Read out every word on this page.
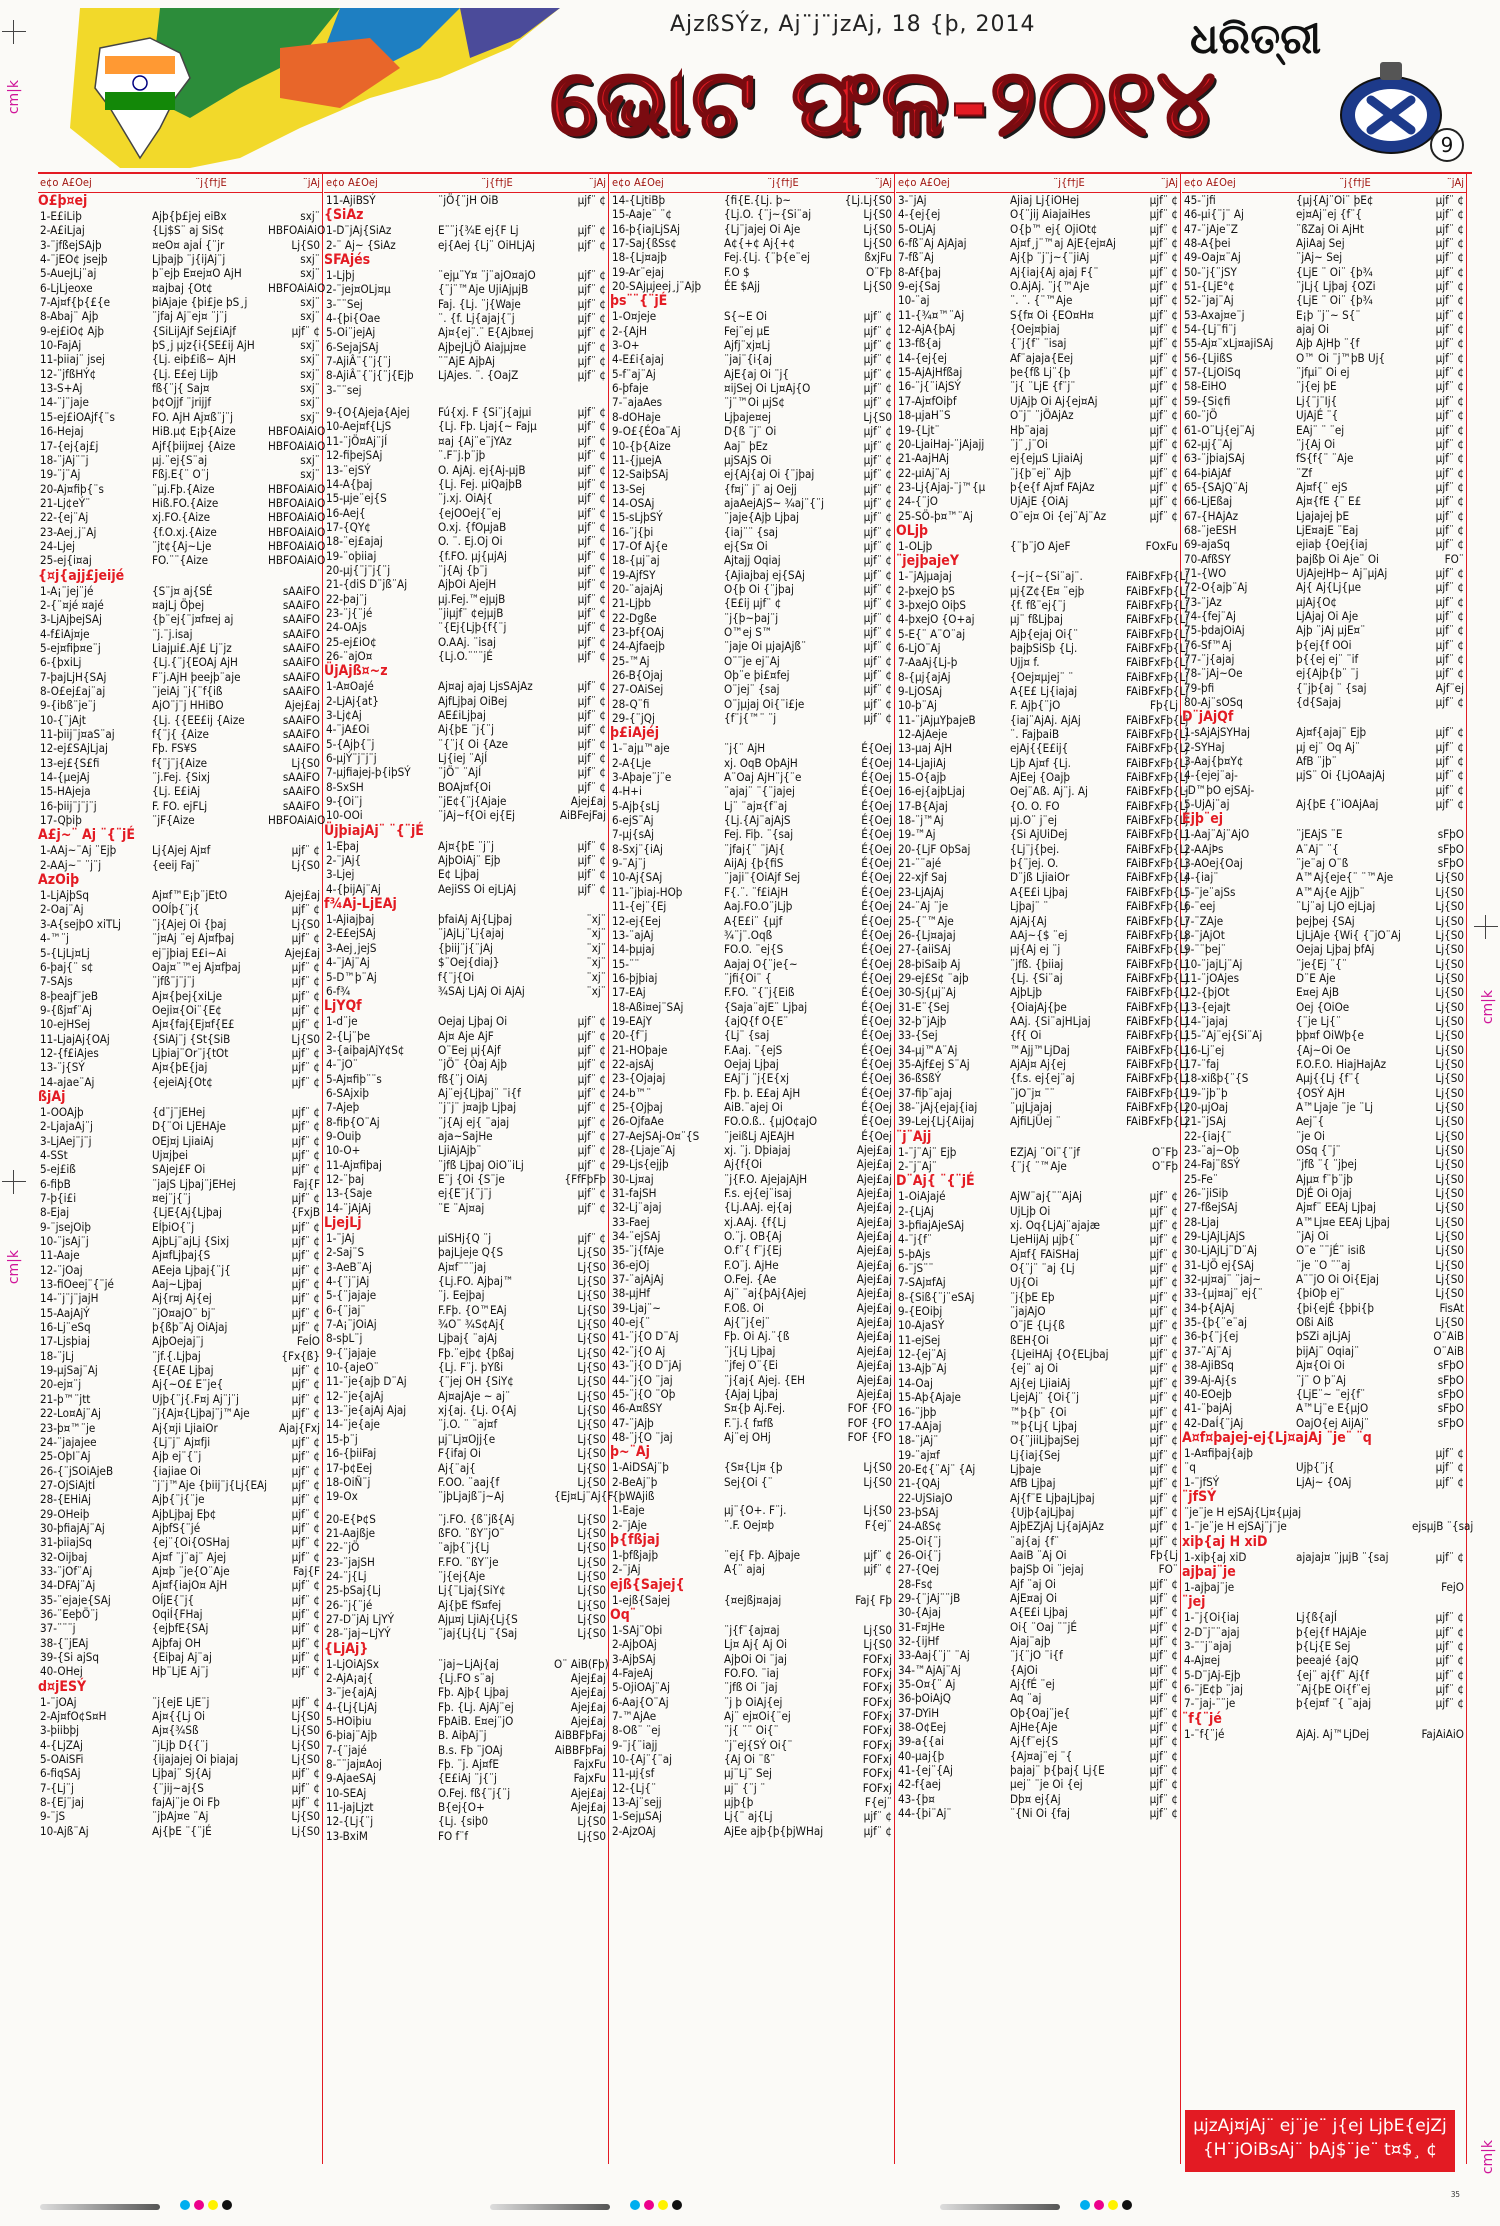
cm|k
cm|k
cm|k
cm|k
AjzßSÝz, Aj¨j¨jzAj, 18 {þ, 2014	ଧରିତ୍ରୀ
ଭୋଟ ଫଳ-୨୦୧୪	9
e¢o A£Oej	¨j{f†jE	¨jAj
O£þ¤ej
1-E£iLiþ	Ajþ{þ£jej eiBx	sxj¨
2-A£iLjaj	{Lj$S¨ aj SiS¢	HBFOAiAiO
3-¨jfßejSAjþ	¤eO¤ ajaÍ {¨jr	Lj{S0
4-¨jEO¢ jsejþ	Ljþajþ ¨j{ijAj¨j	sxj¨
5-AuejLj¨aj	þ¨ejþ E¤ej¤O AjH	sxj¨
6-LjLjeoxe	¤ajbaj {Ot¢	HBFOAiAiO
7-Aj¤f{þ{£{e	þiAjaje {þi£je þS¸j	sxj¨
8-Abaj¨ Ajþ	¨jfaj Aj¨ej¤ ¨j¨j	sxj¨
9-ej£iO¢ Ajþ	{SiLijAjf Sej£iAjf	µjf¨ ¢
10-FajAj	þS¸j µjz{i{SE£ij AjH	sxj¨
11-þiiaj¨ jsej	{Lj. eiþ£iß~ AjH	sxj¨
12-¨jfßHÝ¢	{Lj. E£ej Lijþ	sxj¨
13-S+Aj	fß{¨j{ Saj¤	sxj¨
14-¨j¨jaje	þ¢Ojjf ¨jrijjf	sxj¨
15-ej£iOAjf{¨s	FO. AjH Aj¤ß¨j¨j	sxj¨
16-Hejaj	HiB.µ¢ E¡þ{Aize	HBFOAiAiO
17-{ej{aj£j	Ajf{þiij¤ej {Aize	HBFOAiAiO
18-¨jAj¨¨j	µj.¨ej{S¨aj	sxj¨
19-¨j¨Aj	Fßj.E{¨ O¨j	sxj¨
20-Aj¤fiþ{¨s	¨µj.Fþ.{Aize	HBFOAiAiO
21-Lj¢eÝ¨	Hiß.FO.{Aize	HBFOAiAiO
22-{ej¨Aj	xj.FO.{Aize	HBFOAiAiO
23-Aej¸j¨Aj	{f.O.xj.{Aize	HBFOAiAiO
24-Ljej	¨jt¢{Aj~Lje	HBFOAiAiO
25-ej{i¤aj	FO.¨¨{Aize	HBFOAiAiO
{¤j{ajj£jeijé
1-A¡¨jej¨jé	{S¨j¤ aj{SÉ	sAAiFO
2-{¨¤jé ¤ajé	¤ajLj Öþej	sAAiFO
3-LjAjþejSAj	{þ¨ej{¨j¤f¤ej aj	sAAiFO
4-f£iAj¤je	¨j.¨j.isaj	sAAiFO
5-ej¤fiþ¤e¨j	Liajµi£.Aj£ Lj¨jz	sAAiFO
6-{þxiLj	{Lj.{¨j{EOAj AjH	sAAiFO
7-þajLjH{SAj	F¨j.AjH þeejþ¨aje	sAAiFO
8-O£ej£aj¨aj	¨jeiAj ¨j{¨f{iß	sAAiFO
9-{ibß¨je¨j	AjO¨j¨j HHiBO	Ajej£aj
10-{¨jAjt	{Lj. {{EE£ij {Aize	sAAiFO
11-þiij¨j¤aS¨aj	f{¨j{ {Aize	sAAiFO
12-ej£SAjLjaj	Fþ. FS¥S	sAAiFO
13-ej£{S£fi	f{¨j¨j{Aize	Lj{S0
14-{µejAj	¨j.Fej. {Sixj	sAAiFO
15-HAjeja	{Lj. E£iAj	sAAiFO
16-þiij¨j¨j¨j	F. FO. ejFLj	sAAiFO
17-Qþiþ	¨jF{Aize	HBFOAiAiO
A£j~¨ Aj ¨{¨jÉ
1-AAj~¨Aj ¨Ejþ	Lj{Ajej Aj¤f	µjf¨ ¢
2-AAj~¨ ¨j¨j	{eeij Faj¨	Lj{S0
AzOiþ
1-LjAjþSq	Aj¤f™E¡þ¨jEtO	Ajej£aj
2-Oaj¨Aj	OOÍþ{¨j{	µjf¨ ¢
3-A{sejþO xiTLj	¨j{Ajej Oi {þaj	Lj{S0
4-™¨j	¨j¤Aj ¨ej Aj¤fþaj	µjf¨ ¢
5-{LjLj¤Lj	ej¨jþiaj E£i~Ai	Ajej£aj
6-þaj{¨ s¢	Oaj¤¨™ej Aj¤fþaj	µjf¨ ¢
7-SAjs	¨jfß¨j¨j¨j	µjf¨ ¢
8-þeajf¨jeB	Aj¤{þej{xiLje	µjf¨ ¢
9-{ßj¤f¨Aj	Oeji¤{Oi¨{E¢	µjf¨ ¢
10-ejHSej	Aj¤{faj{Ej¤f{E£	µjf¨ ¢
11-LjajAj{OAj	{SiAj¨j {St{SiB	Lj{S0
12-{f£iAjes	Ljþiaj¨Or¨j{tOt	µjf¨ ¢
13-¨j{SÝ	Aj¤{þE{jaj	µjf¨ ¢
14-ajae¨Aj	{ejeiAj{Ot¢	µjf¨ ¢
ßjAj
1-OOAjþ	{d¨j¨jEHej	µjf¨ ¢
2-LjajaAj¨j	D{¨Oi LjEHAje	µjf¨ ¢
3-LjAej¨j¨j	OEj¤j LjiaiAj	µjf¨ ¢
4-SSt	Uj¤jþei	µjf¨ ¢
5-ej£iß	SAjej£F Oi	µjf¨ ¢
6-fiþB	¨jajS Ljþaj¨jEHej	Faj{F
7-þ{i£i	¤ej¨j{¨j	µjf¨ ¢
8-Ejaj	{LjE{Aj{Ljþaj	{FxjB
9-¨jsejOiþ	EÍþiO{¨j	µjf¨ ¢
10-¨jsAj¨j	AjþLj¨ajLj {Sixj	µjf¨ ¢
11-Aaje	Aj¤fLjþaj{S	µjf¨ ¢
12-¨jOaj	AEeja Ljþaj{¨j{	µjf¨ ¢
13-fiOeej¨{¨jé	Aaj~Ljþaj	µjf¨ ¢
14-¨j¨j¨jajH	Aj{r¤j Aj{ej	µjf¨ ¢
15-AajAjÝ	¨jO¤ajO¨ bj¨	µjf¨ ¢
16-Lj¨eSq	þ{ßþ¨Aj OiAjaj	µjf¨ ¢
17-Ljsþiaj	AjþOejaj¨j	FeÍO
18-¨jLj	¨jf.{.Ljþaj	{Fx{ß}
19-µjSaj¨Aj	{E{AE Ljþaj	µjf¨ ¢
20-ej¤¨j	Aj{~O£ E¨je{	µjf¨ ¢
21-þ™¨jtt	Ujþ{¨j{.F¤j Aj¨j¨j	µjf¨ ¢
22-Lo¤Aj¨Aj	¨j{Aj¤{Ljþaj¨j™Aje	µjf¨ ¢
23-þ¤™¨je	Aj{¤ji LjiaiOr	Ajaj{Fxj
24-¨jajajee	{Lj¨j¨ Aj¤fji	µjf¨ ¢
25-OþI¨Aj	Ajþ ej¨{¨j	µjf¨ ¢
26-{¨jSOiAjeB	{iajiae Oi	µjf¨ ¢
27-OjSiAjtÍ	¨j¨j™Aje {þiij¨j{Lj{EAj	µjf¨ ¢
28-{EHiAj	Ajþ{¨j{¨je	µjf¨ ¢
29-OHeiþ	AjþLjþaj Eþ¢	µjf¨ ¢
30-þfiajAj¨Aj	AjþfS{¨jé	µjf¨ ¢
31-þiiajSq	{ej¨{Oi{OSHaj	µjf¨ ¢
32-Oijbaj	Aj¤f ¨j¨aj¨ Ajej	µjf¨ ¢
33-¨jOf¨Aj	Aj¤þ ¨je{O¨Aje	Faj{F
34-DFAj¨Aj	Aj¤f{iajO¤ AjH	µjf¨ ¢
35-¨ejaje{SAj	OÍjE{¨j{	µjf¨ ¢
36-¨EeþÖ¨j	OqiÍ{FHaj	µjf¨ ¢
37-¨¨¨j	{ejþfE{SAj	µjf¨ ¢
38-{¨jEAj	Ajþfaj OH	µjf¨ ¢
39-{Si ajSq	{Eiþaj Aj¨aj	µjf¨ ¢
40-OHej	Hþ¨LjE Aj¨j	µjf¨ ¢
d¤jESÝ
1-¨jOAj	¨j{ejE LjE¨j	µjf¨ ¢
2-Aj¤fO¢S¤H	Aj¤{{Lj Oi	Lj{S0
3-þiibþj	Aj¤{¾Sß	Lj{S0
4-{LjZAj	¨jLjþ D{{¨j	Lj{S0
5-OAiSFi	{ijajajej Oi þiajaj	Lj{S0
6-fiqSAj	Ljþaj¨ Sj{Aj	µjf¨ ¢
7-{Lj¨j	{¨jij~aj{S	µjf¨ ¢
8-{Ej¨jaj	fajAj¨je Oi Fþ	µjf¨ ¢
9-¨jS	¨jþAj¤e ¨Aj	Lj{S0
10-Ajß¨Aj	Aj{þE ¨{¨jÉ	Lj{S0
e¢o A£Oej	¨j{f†jE	¨jAj
11-AjiBSÝ	¨jÖ{¨jH OiB	µjf¨ ¢
{SiAz
1-D¨jAj{SiAz	E¨¨j{¾E ej{F Lj	µjf¨ ¢
2-¨ Aj~ {SiAz	ej{Aej {Lj¨ OiHLjAj	µjf¨ ¢
SFAjés
1-Ljþj	¨ejµ¨Y¤ ¨j¨ajO¤ajO	µjf¨ ¢
2-¨jej¤OLj¤µ	{¨j¨™Aje UjiAjµjB	µjf¨ ¢
3-¨¨Sej	Faj. {Lj. ¨j{Waje	µjf¨ ¢
4-{þi{Oae	¨. {f. Lj{ajaj{¨j	µjf¨ ¢
5-Oi¨jejAj	Aj¤{ej¨.¨ E{Ajb¤ej	µjf¨ ¢
6-SejajSAj	AjþejLjÖ Aiajµj¤e	µjf¨ ¢
7-AjiÂ¨{¨j{¨j	¨¨AjE AjþAj	µjf¨ ¢
8-AjiÂ¨{¨j{¨j{Ejþ	LjAjes. ¨. {OajZ	µjf¨ ¢
3-¨¨sej
9-{O{Ajeja{Ajej	Fú{xj. F {Si¨j{ajµi	µjf¨ ¢
10-Aej¤f{LjS	{Lj. Fþ. Ljaj{~ Fajµ	µjf¨ ¢
11-¨jÖ¤Aj¨jÍ	¤aj {Aj¨e¨jYAz	µjf¨ ¢
12-fiþejSAj	¨.F¨j.þ¨jþ	µjf¨ ¢
13-¨ejSÝ	O. AjAj. ej{Aj-µjB	µjf¨ ¢
14-A{þaj	{Lj. Fej. µiQajþB	µjf¨ ¢
15-µje¨ej{S	¨j.xj. OiAj{	µjf¨ ¢
16-Aej{	{ejOOej{¨ej	µjf¨ ¢
17-{QY¢	O.xj. {fOµjaB	µjf¨ ¢
18-¨ej£ajaj	O. ¨. Ej.Oj Oi	µjf¨ ¢
19-¨oþiiaj	{f.FO. µj{µjAj	µjf¨ ¢
20-µj{¨j¨j{¨j	¨j{Aj {þ¨j	µjf¨ ¢
21-{diS D¨jß¨Aj	AjþOi AjejH	µjf¨ ¢
22-þaj¨j	µj.Fej.™ejµjB	µjf¨ ¢
23-¨j{¨jé	¨jiµjf¨ ¢ejµjB	µjf¨ ¢
24-OAjs	¨{Ej{Ljþ{f{¨j	µjf¨ ¢
25-ej£iO¢	O.AAj. ¨isaj	µjf¨ ¢
26-¨ajO¤	{Lj.O.¨¨¨jÉ	µjf¨ ¢
ÜjAjß¤~z
1-A¤Oajé	Aj¤aj ajaj LjsSAjAz	µjf¨ ¢
2-LjAj{at}	AjfLjþaj OiBej	µjf¨ ¢
3-Lj¢Aj	AE£iLjþaj	µjf¨ ¢
4-¨jA£Oi	Aj{þE ¨j{¨j	µjf¨ ¢
5-{Ajþ{¨j	¨{¨j{ Oi {Aze	µjf¨ ¢
6-µjÝ¨j¨j¨j	Lj{iej ¨AjÍ	µjf¨ ¢
7-µjfiajej-þ{iþSÝ	¨jÖ¨ ¨AjÍ	µjf¨ ¢
8-SxSH	BOAj¤f{Oi	µjf¨ ¢
9-{Oi¨j	¨jE¢{¨j{Ajaje	Ajej£aj
10-OOi	¨jAj~f{Oi ej{Ej	AiBFejFaj
ÜjþiajAj¨ ¨{¨jÉ
1-Eþaj	Aj¤{þE ¨j¨j	µjf¨ ¢
2-¨jAj{	AjþOiAj¨ Ejþ	µjf¨ ¢
3-Ljej	E¢ Ljþaj	µjf¨ ¢
4-{þijAj¨Aj	AejiSS Oi ejLjAj	µjf¨ ¢
f¾Aj-LjEAj
1-Ajiajþaj	þfaiAj Aj{Ljþaj	¨xj¨
2-E£ejSAj	¨jAjLj¨Lj{ajaj	¨xj¨
3-Aej¸jejS	{þiij¨j{¨jAj	¨xj¨
4-¨jAj¨Aj	$¨Oej{diaj}	¨xj¨
5-D™þ¨Aj	f{¨j{Oi	¨xj¨
6-f¾	¾SAj LjAj Oi AjAj	¨xj¨
LjYQf
1-d¨je	Oejaj Ljþaj Oi	µjf¨ ¢
2-{Lj¨þe	Aj¤ Aje AjF	µjf¨ ¢
3-{aiþajAjY¢S¢	O¨Eej µj{Ajf	µjf¨ ¢
4-¨jO¨	¨jÖ¨ {Òaj Ajþ	µjf¨ ¢
5-Aj¤fiþ¨¨s	fß{¨j OiAj	µjf¨ ¢
6-SAjxiþ	Aj¨ej{Ljþaj¨ ¨i{f	µjf¨ ¢
7-Ajeþ	¨j¨j¨ j¤ajþ Ljþaj	µjf¨ ¢
8-fiþ{O¨Aj	¨j{Aj ej{ ¨ajaj	µjf¨ ¢
9-Ouiþ	aja~SajHe	µjf¨ ¢
10-O+	LjiAjAjþ¨	µjf¨ ¢
11-Aj¤fiþaj	¨jfß Ljþaj OiO¨iLj	µjf¨ ¢
12-¨þaj	E¨j {Oi {S¨je	{FfFþFþ
13-{Saje	ej{E¨j{¨j¨j	µjf¨ ¢
14-¨jAjAj	¨E ¨Aj¤aj	µjf¨ ¢
LjejLj
1-¨jAj	µiSHj{Q ¨j	µjf¨ ¢
2-Saj¨S	þajLjeje Q{S	Lj{S0
3-AeB¨Aj	Aj¤f¨¨¨jaj	Lj{S0
4-{¨j¨jAj	{Lj.FO. Ajþaj™	Lj{S0
5-{¨jajaje	¨j. Eejþaj	Lj{S0
6-{¨jaj¨	F.Fþ. {O™EAj	Lj{S0
7-A¡¨jOiAj	¾O¨ ¾S¢Aj{	Lj{S0
8-sþL¨j	Ljþaj{ ¨ajAj	Lj{S0
9-{¨jajaje	Fþ.¨ejþ¢ {þßaj	Lj{S0
10-{ajeO¨	{Lj. F¨j. þYßi	Lj{S0
11-¨je{ajþ D¨Aj	{¨jej OH {SiY¢	Lj{S0
12-¨je{ajAj	Aj¤ajAje ~ aj¨	Lj{S0
13-¨je{ajAj Ajaj	xj{aj. {Lj. O{Aj	Lj{S0
14-¨je{aje	¨j.O. ¨ ¨aj¤f	Lj{S0
15-þ¨j	µj¨Lj¤Ojj{e	Lj{S0
16-{þiiFaj	F{ifaj Oi	Lj{S0
17-þ¢Eej	Aj{¨aj{	Lj{S0
18-OiÑ¨j	F.OO. ¨aaj{f	Lj{S0
19-Ox	¨jþLjajß¨j~Aj	{Ej¤Lj¨Aj{F
20-E{Þ¢S	¨j.FO. {ß¨jß{Aj	Lj{S0
21-Aajßje	ßFO. ¨ßY¨jO¨	Lj{S0
22-¨jÖ	¨ajþ{¨j{Lj	Lj{S0
23-¨jajSH	F.FO. ¨ßY¨je	Lj{S0
24-¨j{Lj	¨j{ej{Aje	Lj{S0
25-þSaj{Lj	Lj{¨Ljaj{SiY¢	Lj{S0
26-¨j{¨jé	Aj{þE fS¤fej	Lj{S0
27-D¨jAj LjYÝ	Ajµ¤j LjiAj{Lj{S	Lj{S0
28-¨jaj~LjYÝ	¨jaj{Lj{Lj ¨{Saj	Lj{S0
{LjAj}
1-LjOiAjSx	¨jaj~LjAj{aj	O¨ AiB(Fþ)
2-AjA¡aj{	{Lj.FO s¨aj	Ajej£aj
3-¨je{ajAj	Fþ. Ajþ{ Ljþaj	Ajej£aj
4-{Lj{LjAj	Fþ. {Lj. AjAj¨ej	Ajej£aj
5-HOiþiu	FþAiB. E¤ej¨jO	Ajej£aj
6-þiaj¨Ajþ	B. AiþAj¨j	AiBBFþFaj
7-{¨jajé	B.s. Fþ ¨jOAj	AiBBFþFaj
8-¨¨jaj¤Aoj	Fþ. ¨j. Aj¤fE	FajxFu
9-AjaeSAj	{E£iAj ¨j{¨j	FajxFu
10-SEAj	O.Fej. fß{¨j{¨j	Ajej£aj
11-jajLjzt	B{ej{O+	Ajej£aj
12-{Lj{¨j	{Lj. {siþ0	Lj{S0
13-BxiM	FO f¨f	Lj{S0
e¢o A£Oej	¨j{f†jE	¨jAj
14-{LjtiBþ	{fi{E.{Lj. þ~	{Lj.Lj{S0
15-Aaje¨ ¨¢	{Lj.O. {¨j~{Si¨aj	Lj{S0
16-þ{iajLjSAj	{Lj¨jajej Oi Aje	Lj{S0
17-Saj{ßSs¢	A¢{+¢ Aj{+¢	Lj{S0
18-{Lj¤ajþ	Fej.{Lj. {¨þ{e¨ej	ßxjFu
19-Ar¨ejaj	F.O $	O¨Fþ
20-SAjµjeej¸j¨Ajþ	ÉE $Ajj	Lj{S0
þs¨¨{¨jÉ
1-O¤jeje	S{~E Oi	µjf¨ ¢
2-{AjH	Fej¨ej µE	µjf¨ ¢
3-O+	Ajfj¨xj¤Lj	µjf¨ ¢
4-E£i{ajaj	¨jaj¨{i{aj	µjf¨ ¢
5-f¨aj¨Aj	AjE{aj Oi ¨j{	µjf¨ ¢
6-þfaje	¤ijSej Oi Lj¤Aj{O	µjf¨ ¢
7-¨ajaAes	¨j¨™Oi µjS¢	µjf¨ ¢
8-dOHaje	Ljþaje¤ej	Lj{S0
9-O£{ÉOa¨Aj	D{ß ¨j¨ Oi	µjf¨ ¢
10-{þ{Aize	Aaj¨ þEz	µjf¨ ¢
11-{jµejA	µjSAjS Oi	µjf¨ ¢
12-SaiþSAj	ej{Aj{aj Oi {¨jþaj	µjf¨ ¢
13-Sej	{f¤j¨ j¨ aj Oejj	µjf¨ ¢
14-OSAj	ajaAejAjS~ ¾aj¨{¨j	µjf¨ ¢
15-sLjþSÝ	¨jaje{Ajþ Ljþaj	µjf¨ ¢
16-¨j{þi	{iaj¨¨ {saj	µjf¨ ¢
17-Of Aj{e	ej{S¤ Oi	µjf¨ ¢
18-{µj¨aj	Ajtajj Oqiaj	µjf¨ ¢
19-AjfSY	{Ajiajbaj ej{SAj	µjf¨ ¢
20-¨ajajAj	O{þ Oi {¨jþaj	µjf¨ ¢
21-Ljþb	{E£ij µjf¨ ¢	µjf¨ ¢
22-Dgße	¨j{þ~þaj¨j	µjf¨ ¢
23-þf{OAj	O™ej S™	µjf¨ ¢
24-Ajfaejþ	¨jaje Oi µjajAjß¨	µjf¨ ¢
25-™Aj	O¨¨je ej¨Aj	µjf¨ ¢
26-B{Ojaj	Oþ¨e þi£¤fej	µjf¨ ¢
27-OAiSej	O¨jej¨ {saj	µjf¨ ¢
28-Q¨fi	O¨jµjaj Oi{¨i£je	µjf¨ ¢
29-{¨jQj	{f¨j{™¨ ¨j	µjf¨ ¢
þ£iAjéj
1-¨ajµ™aje	¨j{¨ AjH	É{Oej
2-A{Lje	xj. OqB OþAjH	É{Oej
3-Aþaje¨j¨e	A¨Oaj AjH¨j{¨e	É{Oej
4-H+i	¨ajaj¨ ¨{¨jajej	É{Oej
5-Ajþ{sLj	Lj¨ ¨aj¤{f¨aj	É{Oej
6-ejS¨Aj	{Lj.{Aj¨ajAjS	É{Oej
7-µj{sAj	Fej. Fiþ. ¨{saj	É{Oej
8-Sxj¨{iAj	¨jfaj{¨ ¨jAj{	É{Oej
9-¨Aj¨j	AijAj {þ{fiS	É{Oej
10-Aj{SAj	¨jaji¨{OiAjf Sej	É{Oej
11-¨jþiaj-HOþ	F{.¨. ¨f£iAjH	É{Oej
11-{ej¨{Ej	Aaj.FO.O¨jLjþ	É{Oej
12-ej{Eej	A{E£i¨ {µjf	É{Oej
13-¨ajAj	¾¨j¨.Oqß	É{Oej
14-þµjaj	FO.O. ¨ej{S	É{Oej
15-¨¨	Aajaj O{¨je{~	É{Oej
16-þjþiaj	¨jfi{Oi¨ {	É{Oej
17-EAj	F.FO. ¨{¨j{Eiß	É{Oej
18-Aßi¤ej¨SAj	{Saja¨ajE¨ Ljþaj	É{Oej
19-EAjY	{ajQ{f O{E¨	É{Oej
20-{f¨j	{Lj¨ {saj	É{Oej
21-HOþaje	F.Aaj. ¨{ejS	É{Oej
22-ajsAj	Oejaj Ljþaj	É{Oej
23-{Ojajaj	EAj¨j ¨j{E{xj	É{Oej
24-b™¨	Fþ. þ. E£aj AjH	É{Oej
25-{Ojþaj	AiB.¨ajej Oi	É{Oej
26-OjfaAe	FO.O.ß.. {µjO¢ajO	É{Oej
27-AejSAj-O¤¨{S	¨jeißLj AjEAjH	É{Oej
28-{Ljaje¨Aj	xj. ¨j. Dþiajaj	Ajej£aj
29-Ljs{ejjþ	Aj{f{Oi	Ajej£aj
30-Lj¤aj	¨j{F.O. AjejajAjH	Ajej£aj
31-fajSH	F.s. ej{ej¨isaj	Ajej£aj
32-Lj¨ajaj	{Lj.AAj. ej{aj	Ajej£aj
33-Faej	xj.AAj. {f{Lj	Ajej£aj
34-¨ejSAj	O.¨j. OB{Aj	Ajej£aj
35-¨j{fAje	O.f¨{ f¨j{Ej	Ajej£aj
36-ejOj	F.O¨j. AjHe	Ajej£aj
37-¨ajAjAj	O.Fej. {Ae	Ajej£aj
38-µjHf	Aj¨ ¨aj{þAj{Ajej	Ajej£aj
39-Ljaj¨~	F.Oß. Oi	Ajej£aj
40-ej{¨	Aj{¨j{ej¨	Ajej£aj
41-¨j{O D¨Aj	Fþ. Oi Aj.¨{ß	Ajej£aj
42-¨j{O Aj	¨j{Lj Ljþaj	Ajej£aj
43-¨j{O D¨jAj	¨jfej O¨{Ei	Ajej£aj
44-¨j{O ¨jaj	¨j{aj{ Ajej. {EH	Ajej£aj
45-¨j{O ¨Oþ	{Ajaj Ljþaj	Ajej£aj
46-A¤ßSY	S¤{þ Aj.Fej.	FOF {FO
47-¨jAjþ	F.¨j.{ f¤fß	FOF {FO
48-¨j{O ¨jaj	Aj¨ej OHj	FOF {FO
þ~¨Aj
1-AiDSAj¨þ	{S¤{Lj¤ {þ	Lj{S0
2-BeAj¨þ	Sej{Oi {¨	Lj{S0
{þWAjiß
1-Eaje	µj¨{O+. F¨j.	Lj{S0
2-¨jAje	¨.F. Oej¤þ	F{ej¨
þ{fßjaj
1-þfßjajþ	¨ej{ Fþ. Ajþaje	µjf¨ ¢
2-¨jAj	A{¨ ajaj	µjf¨ ¢
ejß{Sajej{
1-ejß{Sajej	{¤ejßj¤ajaj	Faj{ Fþ
Oq¨
1-SAj¨Oþi	¨j{f¨{aj¤aj	Lj{S0
2-AjþOAj	Lj¤ Aj{ Aj Oi	Lj{S0
3-AjþSAj	AjþOi Oi ¨jaj	FOFxj
4-FajeAj	FO.FO. ¨iaj	FOFxj
5-OjiOAj¨Aj	¨jfß Oi ¨jaj	FOFxj
6-Aaj{O¨Aj	¨j þ OiAj{ej	FOFxj
7-™AjAe	Aj¨ ej¤Oi{¨ej	FOFxj
8-Oß¨ ¨ej	¨j{ ¨¨ Oi{¨	FOFxj
9-¨j{¨iajj	¨j¨ej{SÝ Oi{¨	FOFxj
10-{Aj¨{¨aj	{Aj Oi ¨ß¨	FOFxj
11-µj{sf	µj¨Lj¨ Sej	FOFxj
12-{Lj{¨	µj¨ {¨j ¨	FOFxj
13-Aj¨sejj	µjþ{þ	F{ej¨
1-SejµSAj	Lj{¨ aj{Lj	µjf¨ ¢
2-AjzOAj	AjEe ajþ{þ{þjWHaj	µjf¨ ¢
e¢o A£Oej	¨j{f†jE	¨jAj
3-¨jAj	Ajiaj Lj{iOHej	µjf¨ ¢
4-{ej{ej	O{¨jij AiajaiHes	µjf¨ ¢
5-OLjAj	O{þ™ ej{ OjiOt¢	µjf¨ ¢
6-fß¨Aj AjAjaj	Aj¤f¸j¨™aj AjE{ej¤Aj	µjf¨ ¢
7-fß¨Aj	Aj{þ ¨j¨j~{¨jiAj	µjf¨ ¢
8-Af{þaj	Aj{iaj{Aj ajaj F{¨	µjf¨ ¢
9-ej{Saj	O.AjAj. ¨j{™Aje	µjf¨ ¢
10-¨aj	¨. ¨. {¨™Aje	µjf¨ ¢
11-{¾¤™¨Aj	S{f¤ Oi {EO¤H¤	µjf¨ ¢
12-AjA{þAj	{Oej¤þiaj	µjf¨ ¢
13-fß{aj	{¨j{f¨ ¨isaj	µjf¨ ¢
14-{ej{ej	Af¨ajaja{Eej	µjf¨ ¢
15-AjAjHfßaj	þe{fß Lj¨{þ	µjf¨ ¢
16-¨j{¨iAjSÝ	¨j{ ¨LjE {f¨j¨	µjf¨ ¢
17-Aj¤fOiþf	UjAjþ Oi Aj{ej¤Aj	µjf¨ ¢
18-µjaH¨S	O¨j¨ ¨jÖAjAz	µjf¨ ¢
19-{Ljt¨	Hþ¨ajaj	µjf¨ ¢
20-LjaiHaj-¨jAjajj	¨j¨¸j¨Oi	µjf¨ ¢
21-AajHAj	ej{ejµS LjiaiAj	µjf¨ ¢
22-µiAj¨Aj	¨j{þ¨ej¨ Ajþ	µjf¨ ¢
23-Lj{Ajaj-¨j™{µ	þ{e{f Aj¤f FAjAz	µjf¨ ¢
24-{¨jO	UjAjE {OiAj	µjf¨ ¢
25-SÖ-þ¤™¨Aj	O¨ej¤ Oi {ej¨Aj¨Az	µjf¨ ¢
OLjþ
1-OLjþ	{¨þ¨jO AjeF	FOxFu
¨jejþajeY
1-¨jAjµajaj	{~j{~{Si¨aj¨.	FAiBFxFþ{Lj
2-þxejO þS	µj{Z¢{E¤ ¨ejþ	FAiBFxFþ{Lj
3-þxejO OiþS	{f. fß¨ej{¨j	FAiBFxFþ{Lj
4-þxejO {O+aj	µj¨ fßLjþaj	FAiBFxFþ{Lj
5-E{¨ A¨O¨aj	Ajþ{ejaj Oi{¨	FAiBFxFþ{Lj
6-LjO¨Aj	þajþSiSþ {Lj.	FAiBFxFþ{Lj
7-AaAj{Lj-þ	Ujj¤ f.	FAiBFxFþ{Lj
8-{µj{ajAj	{Oej¤µjej¨ ¨	FAiBFxFþ{Lj
9-LjOSAj	A{E£ Lj{iajaj	FAiBFxFþ{Lj
10-þ¨Aj	F. Ajþ{¨jO	Fþ{Lj
11-¨jAjµYþajeB	{iaj¨AjAj. AjAj	FAiBFxFþ{Lj
12-AjAeje	¨. FajþaiB	FAiBFxFþ{Lj
13-µaj AjH	ejAj{{E£ij{	FAiBFxFþ{Lj
14-LjajiAj	Ljþ Aj¤f {Lj.	FAiBFxFþ{Lj
15-O{ajþ	AjEej {Oajþ	FAiBFxFþ{Lj
16-ej{ajþLjaj	Oej¨Aß. Aj¨j. Aj	FAiBFxFþ{Lj
17-B{Ajaj	{O. O. FO	FAiBFxFþ{Lj
18-¨j™Aj	µj.O¨ j¨ej	FAiBFxFþ{Lj
19-™Aj	{Si AjUiDej	FAiBFxFþ{Lj
20-{LjF OþSaj	{Lj¨j{þej.	FAiBFxFþ{Lj
21-¨¨ajé	þ{¨jej. O.	FAiBFxFþ{Lj
22-xjf Saj	D¨jß LjiaiOr	FAiBFxFþ{Lj
23-LjAjAj	A{E£i Ljþaj	FAiBFxFþ{Lj
24-¨Aj ¨je	Ljþaj¨ ¨	FAiBFxFþ{Lj
25-{¨™Aje	AjAj{Aj	FAiBFxFþ{Lj
26-{Lj¤ajaj	AAj~{$ ¨ej	FAiBFxFþ{Lj
27-{aiiSAj	µj{Aj ej ¨j	FAiBFxFþ{Lj
28-þiSaiþ Aj	¨jfß. {þiiaj	FAiBFxFþ{Lj
29-ej£S¢ ¨ajþ	{Lj. {Si¨aj	FAiBFxFþ{Lj
30-Sj{µj¨Aj	AjþLjþ	FAiBFxFþ{Lj
31-E¨{Sej	{OiajAj{þe	FAiBFxFþ{Lj
32-þ¨jAjþ	AAj. {Si¨ajHLjaj	FAiBFxFþ{Lj
33-{Sej	{f{ Oi	FAiBFxFþ{Lj
34-µj™A¨Aj	™Ajj™LjDaj	FAiBFxFþ{Lj
35-Ajf£ej S¨Aj	AjAj¤ Aj{ej	FAiBFxFþ{Lj
36-ßSßÝ	{f.s. ej{ej¨aj	FAiBFxFþ{Lj
37-fiþ¨ajaj	¨jO¨j¤ ¨¨	FAiBFxFþ{Lj
38-¨jAj{ejaj{iaj	¨µjLjajaj	FAiBFxFþ{Lj
39-Lej{Lj{Aijaj	AjfiLjÜej ¨	FAiBFxFþ{Lj
¨j¨Ajj
1-¨j¨Aj¨ Ejþ	EZjAj ¨Oi¨{¨jf	O¨Fþ
2-¨j¨Aj¨	{¨j{ ¨™Aje	O¨Fþ
D¨Aj{ ¨{¨jÉ
1-OiAjajé	AjW¨aj{¨¨AjAj	µjf¨ ¢
2-{LjAj	UjLjþ Oi	µjf¨ ¢
3-þfiajAjeSAj	xj. Oq{LjAj¨ajajæ	µjf¨ ¢
4-¨j{f¨	LjeHijAj µjþ{¨	µjf¨ ¢
5-þAjs	Aj¤f{ FAiSHaj	µjf¨ ¢
6-¨jS¨¨	O{¨j¨ ¨aj {Lj	µjf¨ ¢
7-SAj¤fAj	Uj{Oi	µjf¨ ¢
8-{Siß{¨j¨eSAj	¨j{þE Eþ	µjf¨ ¢
9-{EOiþj	¨jajAjO	µjf¨ ¢
10-AjaSÝ	O¨jE {Lj{ß	µjf¨ ¢
11-ejSej	ßEH{Oi	µjf¨ ¢
12-{ej¨Aj	{LjeiHAj {O{ELjbaj	µjf¨ ¢
13-Ajþ¨Aj	{ej¨ aj Oi	µjf¨ ¢
14-Oaj	Aj{ej LjiaiAj	µjf¨ ¢
15-Aþ{Ajaje	LjejAj¨ {Oi{¨j	µjf¨ ¢
16-¨jþþ	™þ{þ¨ {Oi	µjf¨ ¢
17-AAjaj	™þ{Lj{ Ljþaj	µjf¨ ¢
18-¨jAj¨	O{¨jiiLjþajSej	µjf¨ ¢
19-¨aj¤f	Lj{iaj{Sej	µjf¨ ¢
20-E¢{¨Aj¨ {Aj	Ljþaje	µjf¨ ¢
21-{QAj	AfB Ljþaj	µjf¨ ¢
22-UjSiajO	Aj{f¨E LjþajLjþaj	µjf¨ ¢
23-þSAj	{Ujþ{ajLjþaj	µjf¨ ¢
24-AßS¢	AjþEZjAj Lj{ajAjAz	µjf¨ ¢
25-Oi{¨j	¨aj{aj {f¨	µjf¨ ¢
26-Oi{¨j	AaiB ¨Aj Oi	Fþ{Lj
27-{Qej	þajSþ Oi ¨jejaj	FO¨
28-Fs¢	Ajf ¨aj Oi	µjf¨ ¢
29-{¨jAj¨¨jB	AjE¤aj Oi	µjf¨ ¢
30-{Ajaj	A{E£i Ljþaj	µjf¨ ¢
31-F¤jHe	Oi{ ¨Oaj ¨¨jÉ	µjf¨ ¢
32-{ijHf	Ajaj¨ajþ	µjf¨ ¢
33-Aaj{¨j¨ ¨Aj	¨j{¨jO ¨i{f	µjf¨ ¢
34-™AjAj¨Aj	{AjOi	µjf¨ ¢
35-O¤{¨ Aj	Aj{fÉ ¨ej	µjf¨ ¢
36-þOiAjQ	Aq ¨aj	µjf¨ ¢
37-DYiH	Oþ{Oaj¨je{	µjf¨ ¢
38-O¢Eej	AjHe{Aje	µjf¨ ¢
39-a{{ai	Aj{f¨ej{S	µjf¨ ¢
40-µaj{þ	{Aj¤aj¨ej ¨{	µjf¨ ¢
41-{ej¨{Aj	þajaj¨ þ{þaj{ Lj{E	µjf¨ ¢
42-f{aej	µej¨ ¨je Oi {ej	µjf¨ ¢
43-{þ¤	Dþ¤ ej{Aj	µjf¨ ¢
44-{þi¨Aj¨	¨{Ni Oi {faj	µjf¨ ¢
e¢o A£Oej	¨j{f†jE	¨jAj
45-¨jfi	{µj{Aj¨Oi¨ þE¢	µjf¨ ¢
46-µi{¨j¨ Aj	ej¤Aj¨ej {f¨{	µjf¨ ¢
47-¨jAje¨Z	¨ßZaj Oi AjHt	µjf¨ ¢
48-A{þei	AjiAaj Sej	µjf¨ ¢
49-Oaj¤¨Aj	¨jAj~ Sej	µjf¨ ¢
50-¨j{¨jSY	{LjE ¨ Oi¨ {þ¾	µjf¨ ¢
51-{LjE°¢	¨jLj{ Ljþaj {OZi	µjf¨ ¢
52-¨jaj¨Aj	{LjE ¨ Oi¨ {þ¾	µjf¨ ¢
53-Axaj¤e¨j	E¡þ ¨j¨~ S{¨	µjf¨ ¢
54-{Lj¨fi¨j	ajaj Oi	µjf¨ ¢
55-Aj¤¨xLj¤ajiSAj	Ajþ AjHþ ¨{f	µjf¨ ¢
56-{LjißS	O™ Oi ¨j™þB Uj{	µjf¨ ¢
57-{LjOiSq	¨jfµi¨ Oi ej	µjf¨ ¢
58-EiHO	¨j{ej þE	µjf¨ ¢
59-{Si¢fi	Lj{¨j¨Ij{	µjf¨ ¢
60-¨jÖ	UjAjÉ ¨{	µjf¨ ¢
61-O¨Lj{ej¨Aj	EAj¨ ¨ ¨ej	µjf¨ ¢
62-µj{¨Aj	¨j{Aj Oi	µjf¨ ¢
63-¨jþiajSAj	fS{f{¨ ¨Aje	µjf¨ ¢
64-þiAjAf	¨Zf	µjf¨ ¢
65-{SAjQ¨Aj	Aj¤f{¨ ejS	µjf¨ ¢
66-LjEßaj	Aj¤{fE {¨ E£	µjf¨ ¢
67-{HAjAz	Ljajajej þE	µjf¨ ¢
68-¨jeESH	LjE¤ajE ¨Eaj	µjf¨ ¢
69-ajaSq	ejiaþ {Oej{iaj	µjf¨ ¢
70-AfßSY	þajßþ Oi Aje¨ Oi	FO¨
71-{WO	UjAjejHþ~ Aj¨µjAj	µjf¨ ¢
72-O{ajþ¨Aj	Aj{ Aj{Lj{µe	µjf¨ ¢
73-¨jAz	µjAj{O¢	µjf¨ ¢
74-{fej¨Aj	LjAjaj Oi Aje	µjf¨ ¢
75-þdajOiAj	Ajþ ¨jAj µjE¤¨	µjf¨ ¢
76-Sf™Aj	þ{ej{f OOi	µjf¨ ¢
77-¨j{ajaj	þ{{ej ej¨ ¨if	µjf¨ ¢
78-¨jAj~Oe	ej{Ajþ{þ¨ ¨j	µjf¨ ¢
79-þfi	{¨jþ{aj ¨ {saj	Ajf¨ej
80-Aj¨sOSq	{d{Sajaj	µjf¨ ¢
D¨jAjQf
1-sAjAjSYHaj	Aj¤f{ajaj¨ Ejþ	µjf¨ ¢
2-SYHaj	µj ej¨ Oq Aj¨	µjf¨ ¢
3-Aaj{þ¤Y¢	AfB ¨jþ¨	µjf¨ ¢
4-{ejej¨aj-	µjS¨ Oi {LjOAajAj	µjf¨ ¢
-D™þO ejSAj-	µjf¨ ¢
5-UjAj¨aj	Aj{þE {¨iOAjAaj	µjf¨ ¢
Ejþ¨ej
1-Aaj¨Aj¨AjO	¨jEAjS ¨E	sFþO
2-AAjÞs	A¨Aj¨ ¨{	sFþO
3-AOej{Oaj	¨je¨aj O¨ß	sFþO
4-{iaj¨	A™Aj{eje{¨ ¨™Aje	Lj{S0
5-¨je¨ajSs	A™Aj{e Ajjþ¨	Lj{S0
6-¨eej	¨Lj¨aj LjO ejLjaj	Lj{S0
7-¨ZAje	þejþej {SAj	Lj{S0
8-¨jAjOt	LjLjAje {Wi{ {¨jO¨Aj	Lj{S0
9-¨¨þej¨	Oejaj Ljþaj þfAj	Lj{S0
10-¨jajLj¨Aj	¨je{Ej ¨{¨	Lj{S0
11-¨jOAjes	D¨E Aje	Lj{S0
12-{þjOt	E¤ej AjB	Lj{S0
13-{ejajt	Oej {OiOe	Lj{S0
14-¨jajaj	{¨je Lj{¨	Lj{S0
15-¨Aj¨ej{Si¨Aj	þþ¤f OiWþ{e	Lj{S0
16-Lj¨ej	{Aj~Oi Oe	Lj{S0
17-¨faj	F.O.F.O. HiajHajAz	Lj{S0
18-xißþ{¨{S	Aµj{{Lj {f¨{	Lj{S0
19-¨jþ¨þ	{OSÝ AjH	Lj{S0
20-µjOaj	A™Ljaje ¨je ¨Lj	Lj{S0
21-¨jSAj	Aej¨{	Lj{S0
22-{iaj{¨	¨je Oi	Lj{S0
23-¨aj~Oþ	OSq {¨j¨	Lj{S0
24-Faj¨ßSÝ	¨jfß ¨{ ¨jþej	Lj{S0
25-Fe¨	Ajµ¤ f¨þ¨jþ	Lj{S0
26-¨jiSiþ	DjÉ Oi Ojaj	Lj{S0
27-fßejSAj	Aj¤f¨ EEAj Ljþaj	Lj{S0
28-Ljaj	A™Lj¤e EEAj Ljþaj	Lj{S0
29-LjAjLjAjS	¨jAj Oi	Lj{S0
30-LjAjLj¨D¨Aj	O¨e ¨¨jÉ¨ isiß	Lj{S0
31-LjÖ ej{SAj	¨je ¨O ¨¨aj	Lj{S0
32-µj¤aj¨ ¨jaj~	A¨¨jO Oi Oi{Ejaj	Lj{S0
33-{µj¤aj¨ ej{¨	{þiOþ ej¨	Lj{S0
34-þ{AjAj	{þi{ejÉ {þþi{þ	FisAt
35-{þ{¨e¨aj	Oßi Aiß	Lj{S0
36-þ{¨j{ej	þSZi ajLjAj	O¨AiB
37-¨Aj¨Aj	þijAj¨ Oqiaj¨	O¨AiB
38-AjiBSq	Aj¤{Oi Oi	sFþO
39-Aj-Aj{s	¨j¨ O þ¨Aj	sFþO
40-EOejþ	{LjE¨~ ¨ej{f¨	sFþO
41-¨þajAj	A™Lj¨e E{µjO	sFþO
42-DaÍ{¨jAj	OajO{ej AijAj¨	sFþO
A¤f¤þajej-ej{Lj¤ajAj ¨je¨ ¨q
1-A¤fiþaj{ajþ	µjf¨ ¢
¨q	Ujþ{¨j{	µjf¨ ¢
1-¨jfSÝ	LjAj~ {OAj	µjf¨ ¢
¨jfSÝ
¨je¨je H ejSAj{Lj¤{µjaj
1-¨je¨je H ejSAj¨j¨je	ejsµjB ¨{saj
xiþ{aj H xiD
1-xiþ{aj xiD	ajajaj¤ ¨jµjB ¨{saj	µjf¨ ¢
ajþaj¨je
1-ajþaj¨je	FejO
¨jej
1-¨j{Oi{iaj	Lj{ß{ajÍ	µjf¨ ¢
2-D¨j¨¨ajaj	þ{ej{f HAjAje	µjf¨ ¢
3-¨¨j¨ajaj	þ{Lj{E Sej	µjf¨ ¢
4-Aj¤ej	þeeajé {ajQ	µjf¨ ¢
5-D¨jAj-Ejþ	{ej¨ aj{f¨ Aj{f	µjf¨ ¢
6-¨jE¢þ ¨jaj	¨Aj{þE Oi{f¨ej	µjf¨ ¢
7-¨jaj-¨¨je	þ{ej¤f ¨{ ¨ajaj	µjf¨ ¢
¨f{¨jé
1-¨f{¨jé	AjAj. Aj™LjDej	FajAiAiO
µjzAj¤jAj¨ ej¨je¨ j{ej LjþE{ejZj
{H¨jOiBsAj¨ þAj$¨je¨ t¤$¸ ¢
35
